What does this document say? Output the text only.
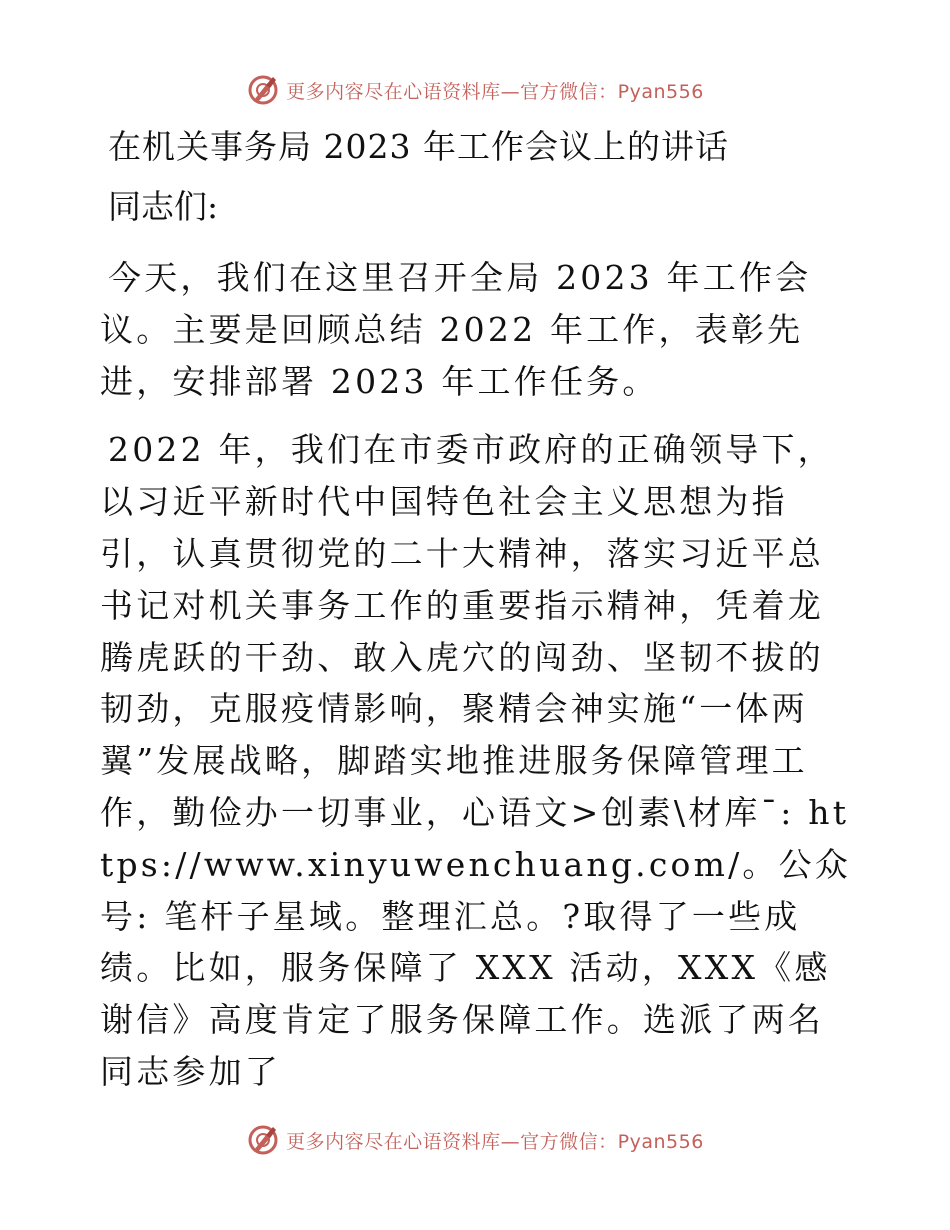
更多内容尽在心语资料库—官方微信：Pyan556
在机关事务局 2023 年工作会议上的讲话

同志们:

今天，我们在这里召开全局 2023 年工作会议。主要是回顾总结 2022 年工作，表彰先进，安排部署 2023 年工作任务。

2022 年，我们在市委市政府的正确领导下，以习近平新时代中国特色社会主义思想为指引，认真贯彻党的二十大精神，落实习近平总书记对机关事务工作的重要指示精神，凭着龙腾虎跃的干劲、敢入虎穴的闯劲、坚韧不拔的韧劲，克服疫情影响，聚精会神实施“一体两翼”发展战略，脚踏实地推进服务保障管理工作，勤俭办一切事业，心语文>创素\材库¯: https://www.xinyuwenchuang.com/。公众号: 笔杆子星域。整理汇总。?取得了一些成绩。比如，服务保障了 XXX 活动，XXX《感谢信》高度肯定了服务保障工作。选派了两名同志参加了

更多内容尽在心语资料库—官方微信：Pyan556
